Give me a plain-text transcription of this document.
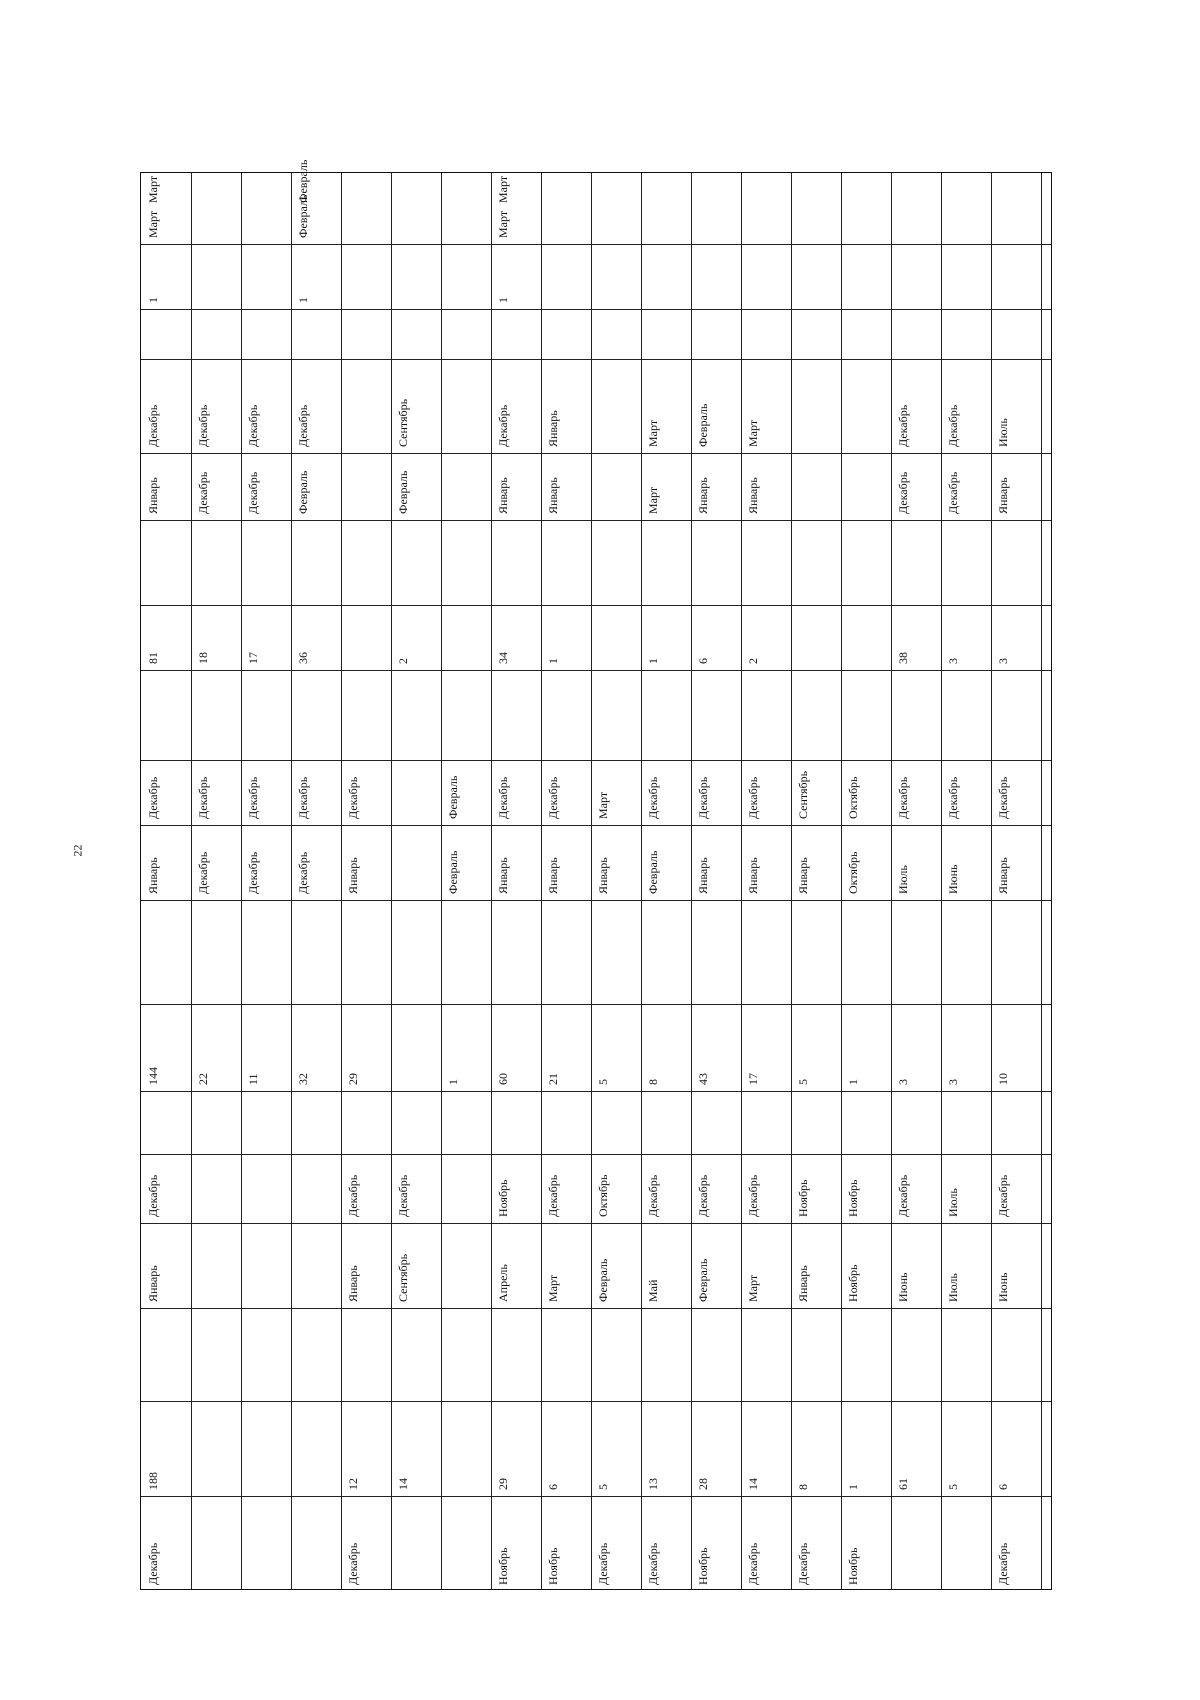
22
Декабрь
188
Январь
Декабрь
144
Январь
Декабрь
81
Январь
Декабрь
1
Март
Март
22
Декабрь
Декабрь
18
Декабрь
Декабрь
11
Декабрь
Декабрь
17
Декабрь
Декабрь
32
Декабрь
Декабрь
36
Февраль
Декабрь
1
Февраль
Февраль
Декабрь
12
Январь
Декабрь
29
Январь
Декабрь
14
Сентябрь
Декабрь
2
Февраль
Сентябрь
1
Февраль
Февраль
Ноябрь
29
Апрель
Ноябрь
60
Январь
Декабрь
34
Январь
Декабрь
1
Март
Март
Ноябрь
6
Март
Декабрь
21
Январь
Декабрь
1
Январь
Январь
Декабрь
5
Февраль
Октябрь
5
Январь
Март
Декабрь
13
Май
Декабрь
8
Февраль
Декабрь
1
Март
Март
Ноябрь
28
Февраль
Декабрь
43
Январь
Декабрь
6
Январь
Февраль
Декабрь
14
Март
Декабрь
17
Январь
Декабрь
2
Январь
Март
Декабрь
8
Январь
Ноябрь
5
Январь
Сентябрь
Ноябрь
1
Ноябрь
Ноябрь
1
Октябрь
Октябрь
61
Июнь
Декабрь
3
Июль
Декабрь
38
Декабрь
Декабрь
5
Июль
Июль
3
Июнь
Декабрь
3
Декабрь
Декабрь
Декабрь
6
Июнь
Декабрь
10
Январь
Декабрь
3
Январь
Июль
